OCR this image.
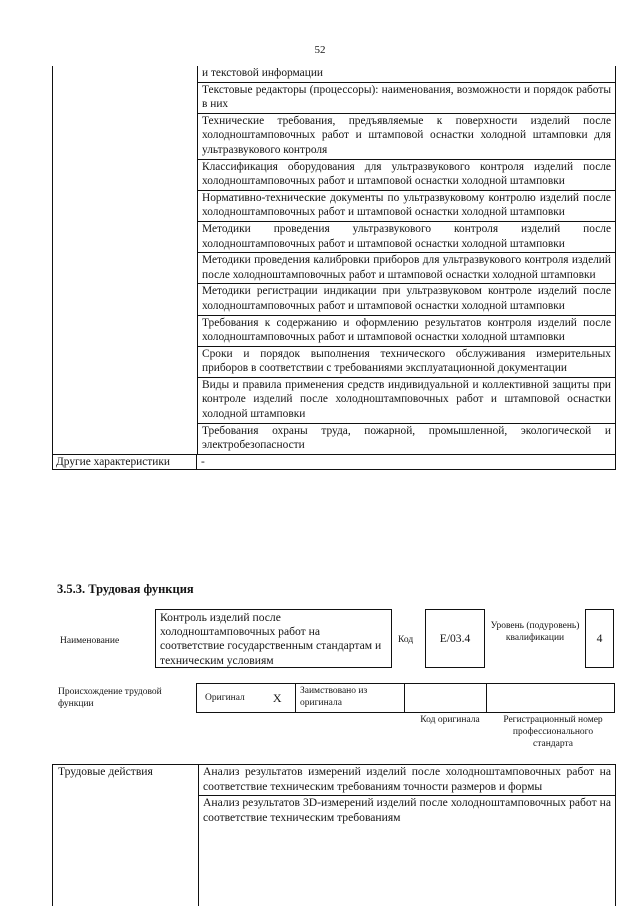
52
и текстовой информации
Текстовые редакторы (процессоры): наименования, возможности и порядок работы в них
Технические требования, предъявляемые к поверхности изделий после холодноштамповочных работ и штамповой оснастки холодной штамповки для ультразвукового контроля
Классификация оборудования для ультразвукового контроля изделий после холодноштамповочных работ и штамповой оснастки холодной штамповки
Нормативно-технические документы по ультразвуковому контролю изделий после холодноштамповочных работ и штамповой оснастки холодной штамповки
Методики проведения ультразвукового контроля изделий после холодноштамповочных работ и штамповой оснастки холодной штамповки
Методики проведения калибровки приборов для ультразвукового контроля изделий после холодноштамповочных работ и штамповой оснастки холодной штамповки
Методики регистрации индикации при ультразвуковом контроле изделий после холодноштамповочных работ и штамповой оснастки холодной штамповки
Требования к содержанию и оформлению результатов контроля изделий после холодноштамповочных работ и штамповой оснастки холодной штамповки
Сроки и порядок выполнения технического обслуживания измерительных приборов в соответствии с требованиями эксплуатационной документации
Виды и правила применения средств индивидуальной и коллективной защиты при контроле изделий после холодноштамповочных работ и штамповой оснастки холодной штамповки
Требования охраны труда, пожарной, промышленной, экологической и электробезопасности
Другие характеристики	-
3.5.3. Трудовая функция
Наименование
Контроль изделий после холодноштамповочных работ на соответствие государственным стандартам и техническим условиям
Код	E/03.4
Уровень (подуровень) квалификации	4
Происхождение трудовой функции
Оригинал X	Заимствовано из оригинала
Код оригинала	Регистрационный номер профессионального стандарта
Трудовые действия	Анализ результатов измерений изделий после холодноштамповочных работ на соответствие техническим требованиям точности размеров и формы
Анализ результатов 3D-измерений изделий после холодноштамповочных работ на соответствие техническим требованиям
